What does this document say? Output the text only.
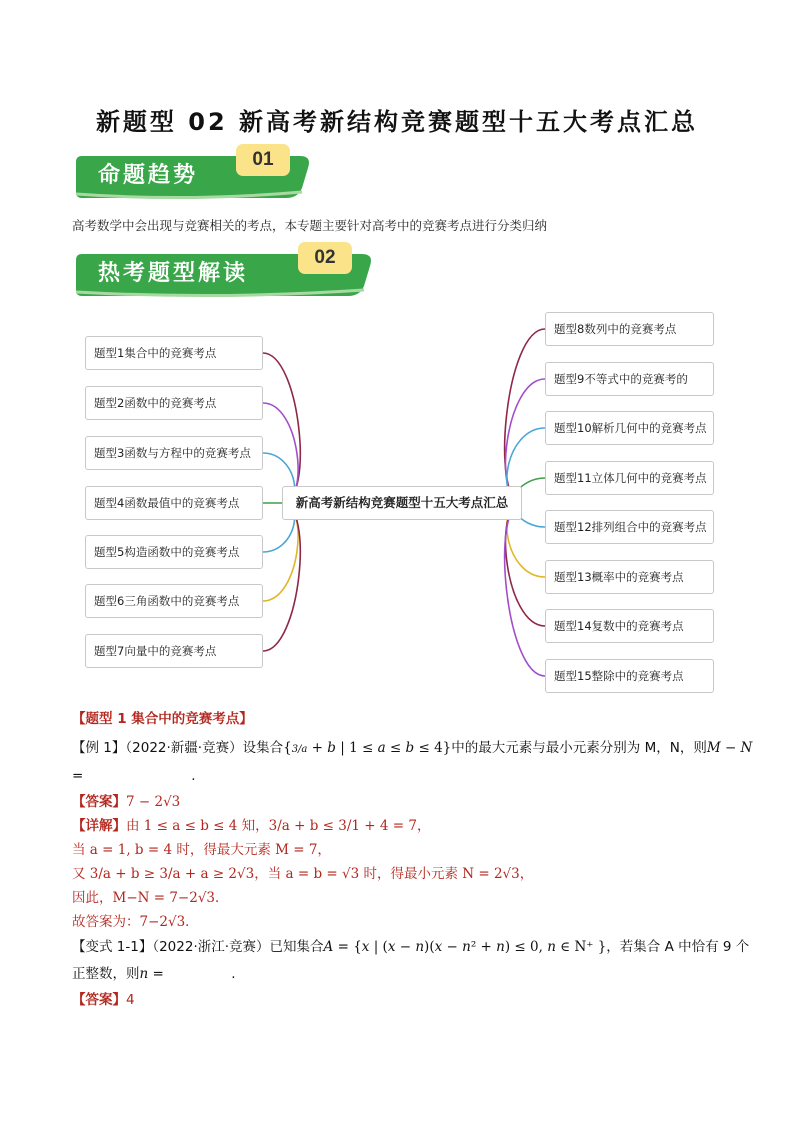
新题型 02 新高考新结构竞赛题型十五大考点汇总
命题趋势
01
高考数学中会出现与竞赛相关的考点，本专题主要针对高考中的竞赛考点进行分类归纳
热考题型解读
02
题型1集合中的竞赛考点
题型2函数中的竞赛考点
题型3函数与方程中的竞赛考点
题型4函数最值中的竞赛考点
题型5构造函数中的竞赛考点
题型6三角函数中的竞赛考点
题型7向量中的竞赛考点
新高考新结构竞赛题型十五大考点汇总
题型8数列中的竞赛考点
题型9不等式中的竞赛考的
题型10解析几何中的竞赛考点
题型11立体几何中的竞赛考点
题型12排列组合中的竞赛考点
题型13概率中的竞赛考点
题型14复数中的竞赛考点
题型15整除中的竞赛考点
【题型 1 集合中的竞赛考点】
【例 1】（2022·新疆·竞赛）设集合{3/a + b | 1 ≤ a ≤ b ≤ 4}中的最大元素与最小元素分别为 M，N，则M − N
=　　　　　　　　.
【答案】7 − 2√3
【详解】由 1 ≤ a ≤ b ≤ 4 知，3/a + b ≤ 3/1 + 4 = 7，
当 a = 1, b = 4 时，得最大元素 M = 7，
又 3/a + b ≥ 3/a + a ≥ 2√3，当 a = b = √3 时，得最小元素 N = 2√3，
因此，M−N = 7−2√3．
故答案为：7−2√3．
【变式 1-1】（2022·浙江·竞赛）已知集合A = {x | (x − n)(x − n² + n) ≤ 0, n ∈ N⁺ }，若集合 A 中恰有 9 个
正整数，则n =　　　　　.
【答案】4
